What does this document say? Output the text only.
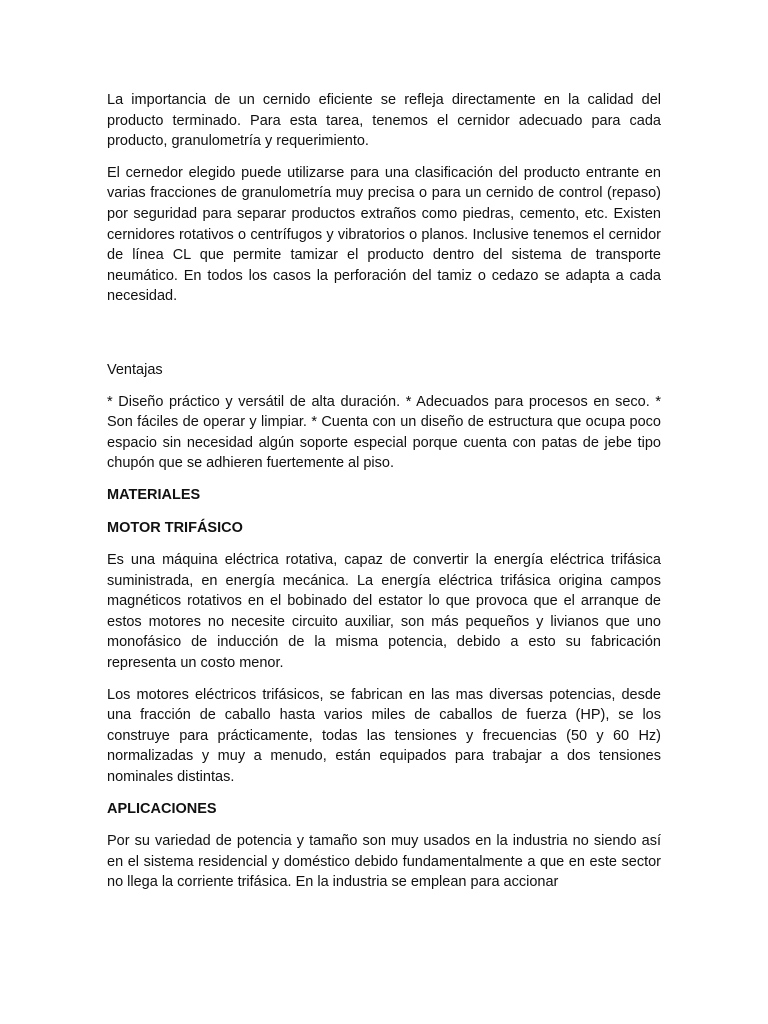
La importancia de un cernido eficiente se refleja directamente en la calidad del producto terminado. Para esta tarea, tenemos el cernidor adecuado para cada producto, granulometría y requerimiento.

El cernedor elegido puede utilizarse para una clasificación del producto entrante en varias fracciones de granulometría muy precisa o para un cernido de control (repaso) por seguridad para separar productos extraños como piedras, cemento, etc. Existen cernidores rotativos o centrífugos y vibratorios o planos. Inclusive tenemos el cernidor de línea CL que permite tamizar el producto dentro del sistema de transporte neumático. En todos los casos la perforación del tamiz o cedazo se adapta a cada necesidad.

Ventajas

* Diseño práctico y versátil de alta duración. * Adecuados para procesos en seco. * Son fáciles de operar y limpiar. * Cuenta con un diseño de estructura que ocupa poco espacio sin necesidad algún soporte especial porque cuenta con patas de jebe tipo chupón que se adhieren fuertemente al piso.

MATERIALES

MOTOR TRIFÁSICO

Es una máquina eléctrica rotativa, capaz de convertir la energía eléctrica trifásica suministrada, en energía mecánica. La energía eléctrica trifásica origina campos magnéticos rotativos en el bobinado del estator lo que provoca que el arranque de estos motores no necesite circuito auxiliar, son más pequeños y livianos que uno monofásico de inducción de la misma potencia, debido a esto su fabricación representa un costo menor.

Los motores eléctricos trifásicos, se fabrican en las mas diversas potencias, desde una fracción de caballo hasta varios miles de caballos de fuerza (HP), se los construye para prácticamente, todas las tensiones y frecuencias (50 y 60 Hz) normalizadas y muy a menudo, están equipados para trabajar a dos tensiones nominales distintas.

APLICACIONES

Por su variedad de potencia y tamaño son muy usados en la industria no siendo así en el sistema residencial y doméstico debido fundamentalmente a que en este sector no llega la corriente trifásica. En la industria se emplean para accionar
